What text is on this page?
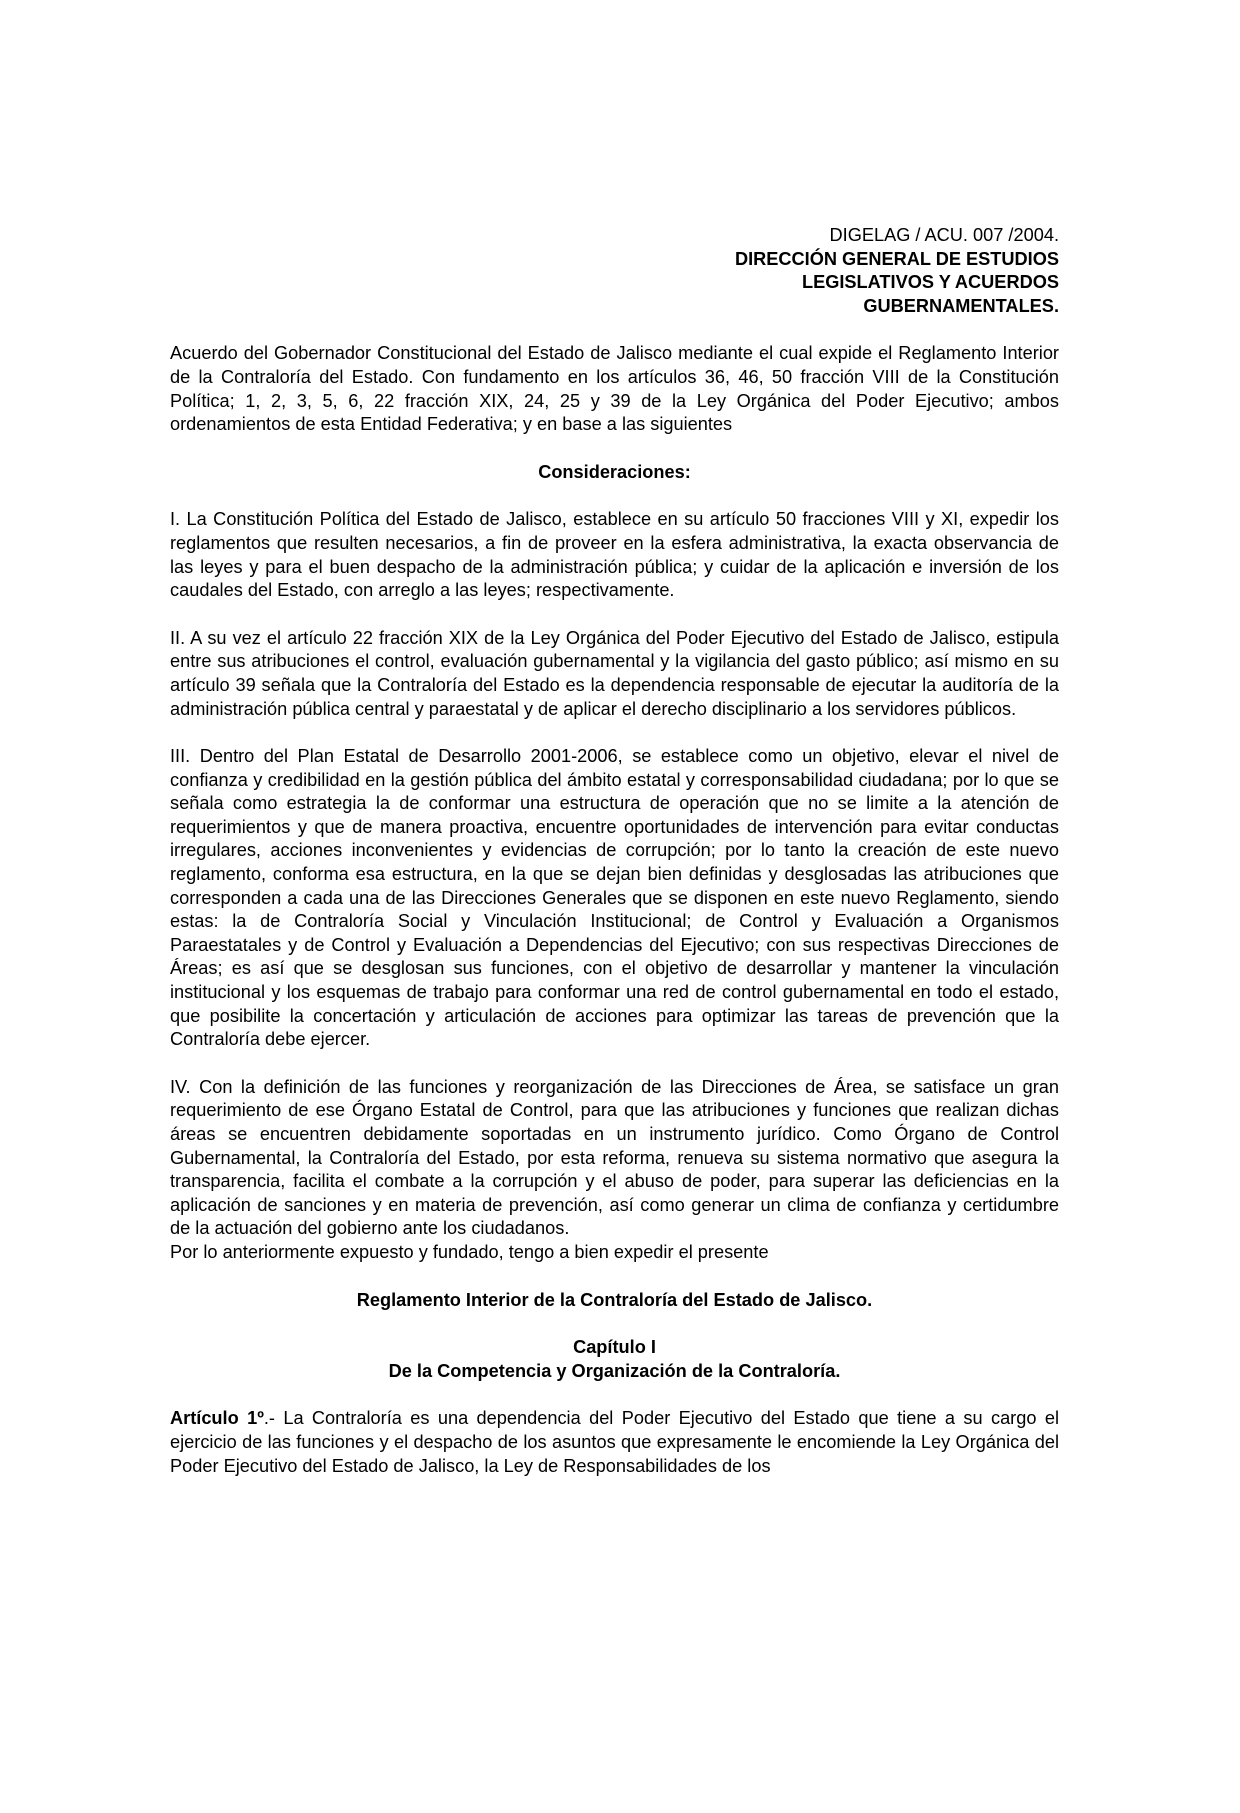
DIGELAG / ACU. 007 /2004.
DIRECCIÓN GENERAL DE ESTUDIOS
LEGISLATIVOS Y ACUERDOS
GUBERNAMENTALES.

Acuerdo del Gobernador Constitucional del Estado de Jalisco mediante el cual expide el Reglamento Interior de la Contraloría del Estado. Con fundamento en los artículos 36, 46, 50 fracción VIII de la Constitución Política; 1, 2, 3, 5, 6, 22 fracción XIX, 24, 25 y 39 de la Ley Orgánica del Poder Ejecutivo; ambos ordenamientos de esta Entidad Federativa; y en base a las siguientes

Consideraciones:

I. La Constitución Política del Estado de Jalisco, establece en su artículo 50 fracciones VIII y XI, expedir los reglamentos que resulten necesarios, a fin de proveer en la esfera administrativa, la exacta observancia de las leyes y para el buen despacho de la administración pública; y cuidar de la aplicación e inversión de los caudales del Estado, con arreglo a las leyes; respectivamente.

II. A su vez el artículo 22 fracción XIX de la Ley Orgánica del Poder Ejecutivo del Estado de Jalisco, estipula entre sus atribuciones el control, evaluación gubernamental y la vigilancia del gasto público; así mismo en su artículo 39 señala que la Contraloría del Estado es la dependencia responsable de ejecutar la auditoría de la administración pública central y paraestatal y de aplicar el derecho disciplinario a los servidores públicos.

III. Dentro del Plan Estatal de Desarrollo 2001-2006, se establece como un objetivo, elevar el nivel de confianza y credibilidad en la gestión pública del ámbito estatal y corresponsabilidad ciudadana; por lo que se señala como estrategia la de conformar una estructura de operación que no se limite a la atención de requerimientos y que de manera proactiva, encuentre oportunidades de intervención para evitar conductas irregulares, acciones inconvenientes y evidencias de corrupción; por lo tanto la creación de este nuevo reglamento, conforma esa estructura, en la que se dejan bien definidas y desglosadas las atribuciones que corresponden a cada una de las Direcciones Generales que se disponen en este nuevo Reglamento, siendo estas: la de Contraloría Social y Vinculación Institucional; de Control y Evaluación a Organismos Paraestatales y de Control y Evaluación a Dependencias del Ejecutivo; con sus respectivas Direcciones de Áreas; es así que se desglosan sus funciones, con el objetivo de desarrollar y mantener la vinculación institucional y los esquemas de trabajo para conformar una red de control gubernamental en todo el estado, que posibilite la concertación y articulación de acciones para optimizar las tareas de prevención que la Contraloría debe ejercer.

IV. Con la definición de las funciones y reorganización de las Direcciones de Área, se satisface un gran requerimiento de ese Órgano Estatal de Control, para que las atribuciones y funciones que realizan dichas áreas se encuentren debidamente soportadas en un instrumento jurídico. Como Órgano de Control Gubernamental, la Contraloría del Estado, por esta reforma, renueva su sistema normativo que asegura la transparencia, facilita el combate a la corrupción y el abuso de poder, para superar las deficiencias en la aplicación de sanciones y en materia de prevención, así como generar un clima de confianza y certidumbre de la actuación del gobierno ante los ciudadanos.

Por lo anteriormente expuesto y fundado, tengo a bien expedir el presente

Reglamento Interior de la Contraloría del Estado de Jalisco.

Capítulo I

De la Competencia y Organización de la Contraloría.

Artículo 1º.- La Contraloría es una dependencia del Poder Ejecutivo del Estado que tiene a su cargo el ejercicio de las funciones y el despacho de los asuntos que expresamente le encomiende la Ley Orgánica del Poder Ejecutivo del Estado de Jalisco, la Ley de Responsabilidades de los
